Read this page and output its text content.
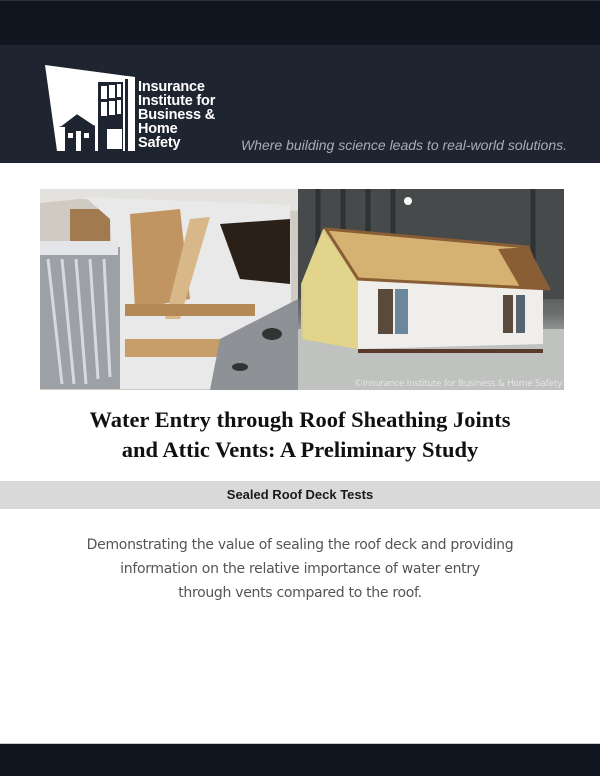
Insurance
Institute for
Business &
Home
Safety	Where building science leads to real-world solutions.
©Insurance Institute for Business & Home Safety
Water Entry through Roof Sheathing Joints
and Attic Vents: A Preliminary Study
Sealed Roof Deck Tests
Demonstrating the value of sealing the roof deck and providing
information on the relative importance of water entry
through vents compared to the roof.
